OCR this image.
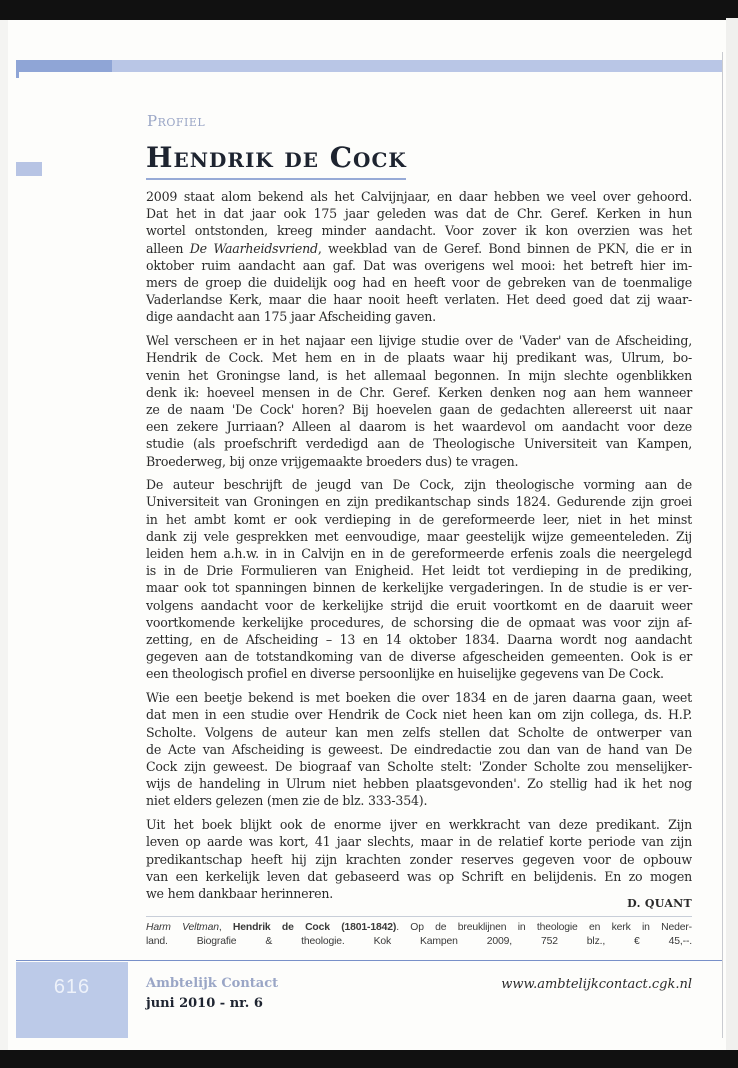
Profiel
Hendrik de Cock
2009 staat alom bekend als het Calvijnjaar, en daar hebben we veel over gehoord.
Dat het in dat jaar ook 175 jaar geleden was dat de Chr. Geref. Kerken in hun
wortel ontstonden, kreeg minder aandacht. Voor zover ik kon overzien was het
alleen De Waarheidsvriend, weekblad van de Geref. Bond binnen de PKN, die er in
oktober ruim aandacht aan gaf. Dat was overigens wel mooi: het betreft hier im-
mers de groep die duidelijk oog had en heeft voor de gebreken van de toenmalige
Vaderlandse Kerk, maar die haar nooit heeft verlaten. Het deed goed dat zij waar-
dige aandacht aan 175 jaar Afscheiding gaven.
Wel verscheen er in het najaar een lijvige studie over de 'Vader' van de Afscheiding,
Hendrik de Cock. Met hem en in de plaats waar hij predikant was, Ulrum, bo-
venin het Groningse land, is het allemaal begonnen. In mijn slechte ogenblikken
denk ik: hoeveel mensen in de Chr. Geref. Kerken denken nog aan hem wanneer
ze de naam 'De Cock' horen? Bij hoevelen gaan de gedachten allereerst uit naar
een zekere Jurriaan? Alleen al daarom is het waardevol om aandacht voor deze
studie (als proefschrift verdedigd aan de Theologische Universiteit van Kampen,
Broederweg, bij onze vrijgemaakte broeders dus) te vragen.
De auteur beschrijft de jeugd van De Cock, zijn theologische vorming aan de
Universiteit van Groningen en zijn predikantschap sinds 1824. Gedurende zijn groei
in het ambt komt er ook verdieping in de gereformeerde leer, niet in het minst
dank zij vele gesprekken met eenvoudige, maar geestelijk wijze gemeenteleden. Zij
leiden hem a.h.w. in in Calvijn en in de gereformeerde erfenis zoals die neergelegd
is in de Drie Formulieren van Enigheid. Het leidt tot verdieping in de prediking,
maar ook tot spanningen binnen de kerkelijke vergaderingen. In de studie is er ver-
volgens aandacht voor de kerkelijke strijd die eruit voortkomt en de daaruit weer
voortkomende kerkelijke procedures, de schorsing die de opmaat was voor zijn af-
zetting, en de Afscheiding – 13 en 14 oktober 1834. Daarna wordt nog aandacht
gegeven aan de totstandkoming van de diverse afgescheiden gemeenten. Ook is er
een theologisch profiel en diverse persoonlijke en huiselijke gegevens van De Cock.
Wie een beetje bekend is met boeken die over 1834 en de jaren daarna gaan, weet
dat men in een studie over Hendrik de Cock niet heen kan om zijn collega, ds. H.P.
Scholte. Volgens de auteur kan men zelfs stellen dat Scholte de ontwerper van
de Acte van Afscheiding is geweest. De eindredactie zou dan van de hand van De
Cock zijn geweest. De biograaf van Scholte stelt: 'Zonder Scholte zou menselijker-
wijs de handeling in Ulrum niet hebben plaatsgevonden'. Zo stellig had ik het nog
niet elders gelezen (men zie de blz. 333-354).
Uit het boek blijkt ook de enorme ijver en werkkracht van deze predikant. Zijn
leven op aarde was kort, 41 jaar slechts, maar in de relatief korte periode van zijn
predikantschap heeft hij zijn krachten zonder reserves gegeven voor de opbouw
van een kerkelijk leven dat gebaseerd was op Schrift en belijdenis. En zo mogen
we hem dankbaar herinneren.
D. QUANT
Harm Veltman, Hendrik de Cock (1801-1842). Op de breuklijnen in theologie en kerk in Neder-
land. Biografie & theologie. Kok Kampen 2009, 752 blz., € 45,--.
616	Ambtelijk Contact
juni 2010 - nr. 6
www.ambtelijkcontact.cgk.nl
